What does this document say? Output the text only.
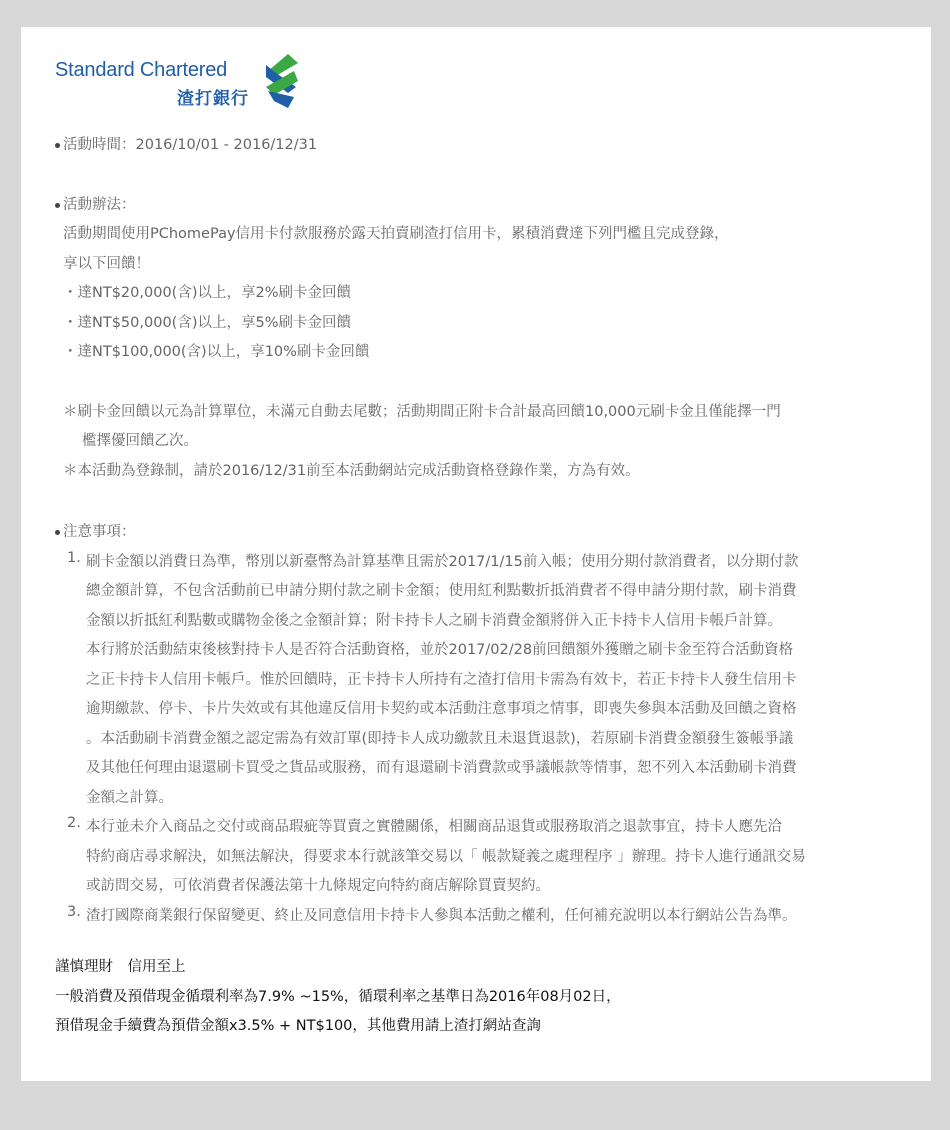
Standard Chartered
渣打銀行
活動時間：2016/10/01 - 2016/12/31
活動辦法：
活動期間使用PChomePay信用卡付款服務於露天拍賣刷渣打信用卡，累積消費達下列門檻且完成登錄，
享以下回饋！
・達NT$20,000(含)以上，享2%刷卡金回饋
・達NT$50,000(含)以上，享5%刷卡金回饋
・達NT$100,000(含)以上，享10%刷卡金回饋
＊刷卡金回饋以元為計算單位，未滿元自動去尾數；活動期間正附卡合計最高回饋10,000元刷卡金且僅能擇一門
檻擇優回饋乙次。
＊本活動為登錄制，請於2016/12/31前至本活動網站完成活動資格登錄作業，方為有效。
注意事項：
1. 刷卡金額以消費日為準，幣別以新臺幣為計算基準且需於2017/1/15前入帳；使用分期付款消費者，以分期付款
總金額計算，不包含活動前已申請分期付款之刷卡金額；使用紅利點數折抵消費者不得申請分期付款，刷卡消費
金額以折抵紅利點數或購物金後之金額計算；附卡持卡人之刷卡消費金額將併入正卡持卡人信用卡帳戶計算。
本行將於活動結束後核對持卡人是否符合活動資格，並於2017/02/28前回饋額外獲贈之刷卡金至符合活動資格
之正卡持卡人信用卡帳戶。惟於回饋時，正卡持卡人所持有之渣打信用卡需為有效卡，若正卡持卡人發生信用卡
逾期繳款、停卡、卡片失效或有其他違反信用卡契約或本活動注意事項之情事，即喪失參與本活動及回饋之資格
。本活動刷卡消費金額之認定需為有效訂單(即持卡人成功繳款且未退貨退款)，若原刷卡消費金額發生簽帳爭議
及其他任何理由退還刷卡買受之貨品或服務，而有退還刷卡消費款或爭議帳款等情事，恕不列入本活動刷卡消費
金額之計算。
2. 本行並未介入商品之交付或商品瑕疵等買賣之實體關係，相關商品退貨或服務取消之退款事宜，持卡人應先洽
特約商店尋求解決，如無法解決，得要求本行就該筆交易以「 帳款疑義之處理程序 」辦理。持卡人進行通訊交易
或訪問交易，可依消費者保護法第十九條規定向特約商店解除買賣契約。
3. 渣打國際商業銀行保留變更、終止及同意信用卡持卡人參與本活動之權利，任何補充說明以本行網站公告為準。
謹慎理財　信用至上
一般消費及預借現金循環利率為7.9% ~15%，循環利率之基準日為2016年08月02日，
預借現金手續費為預借金額x3.5% + NT$100，其他費用請上渣打網站查詢
